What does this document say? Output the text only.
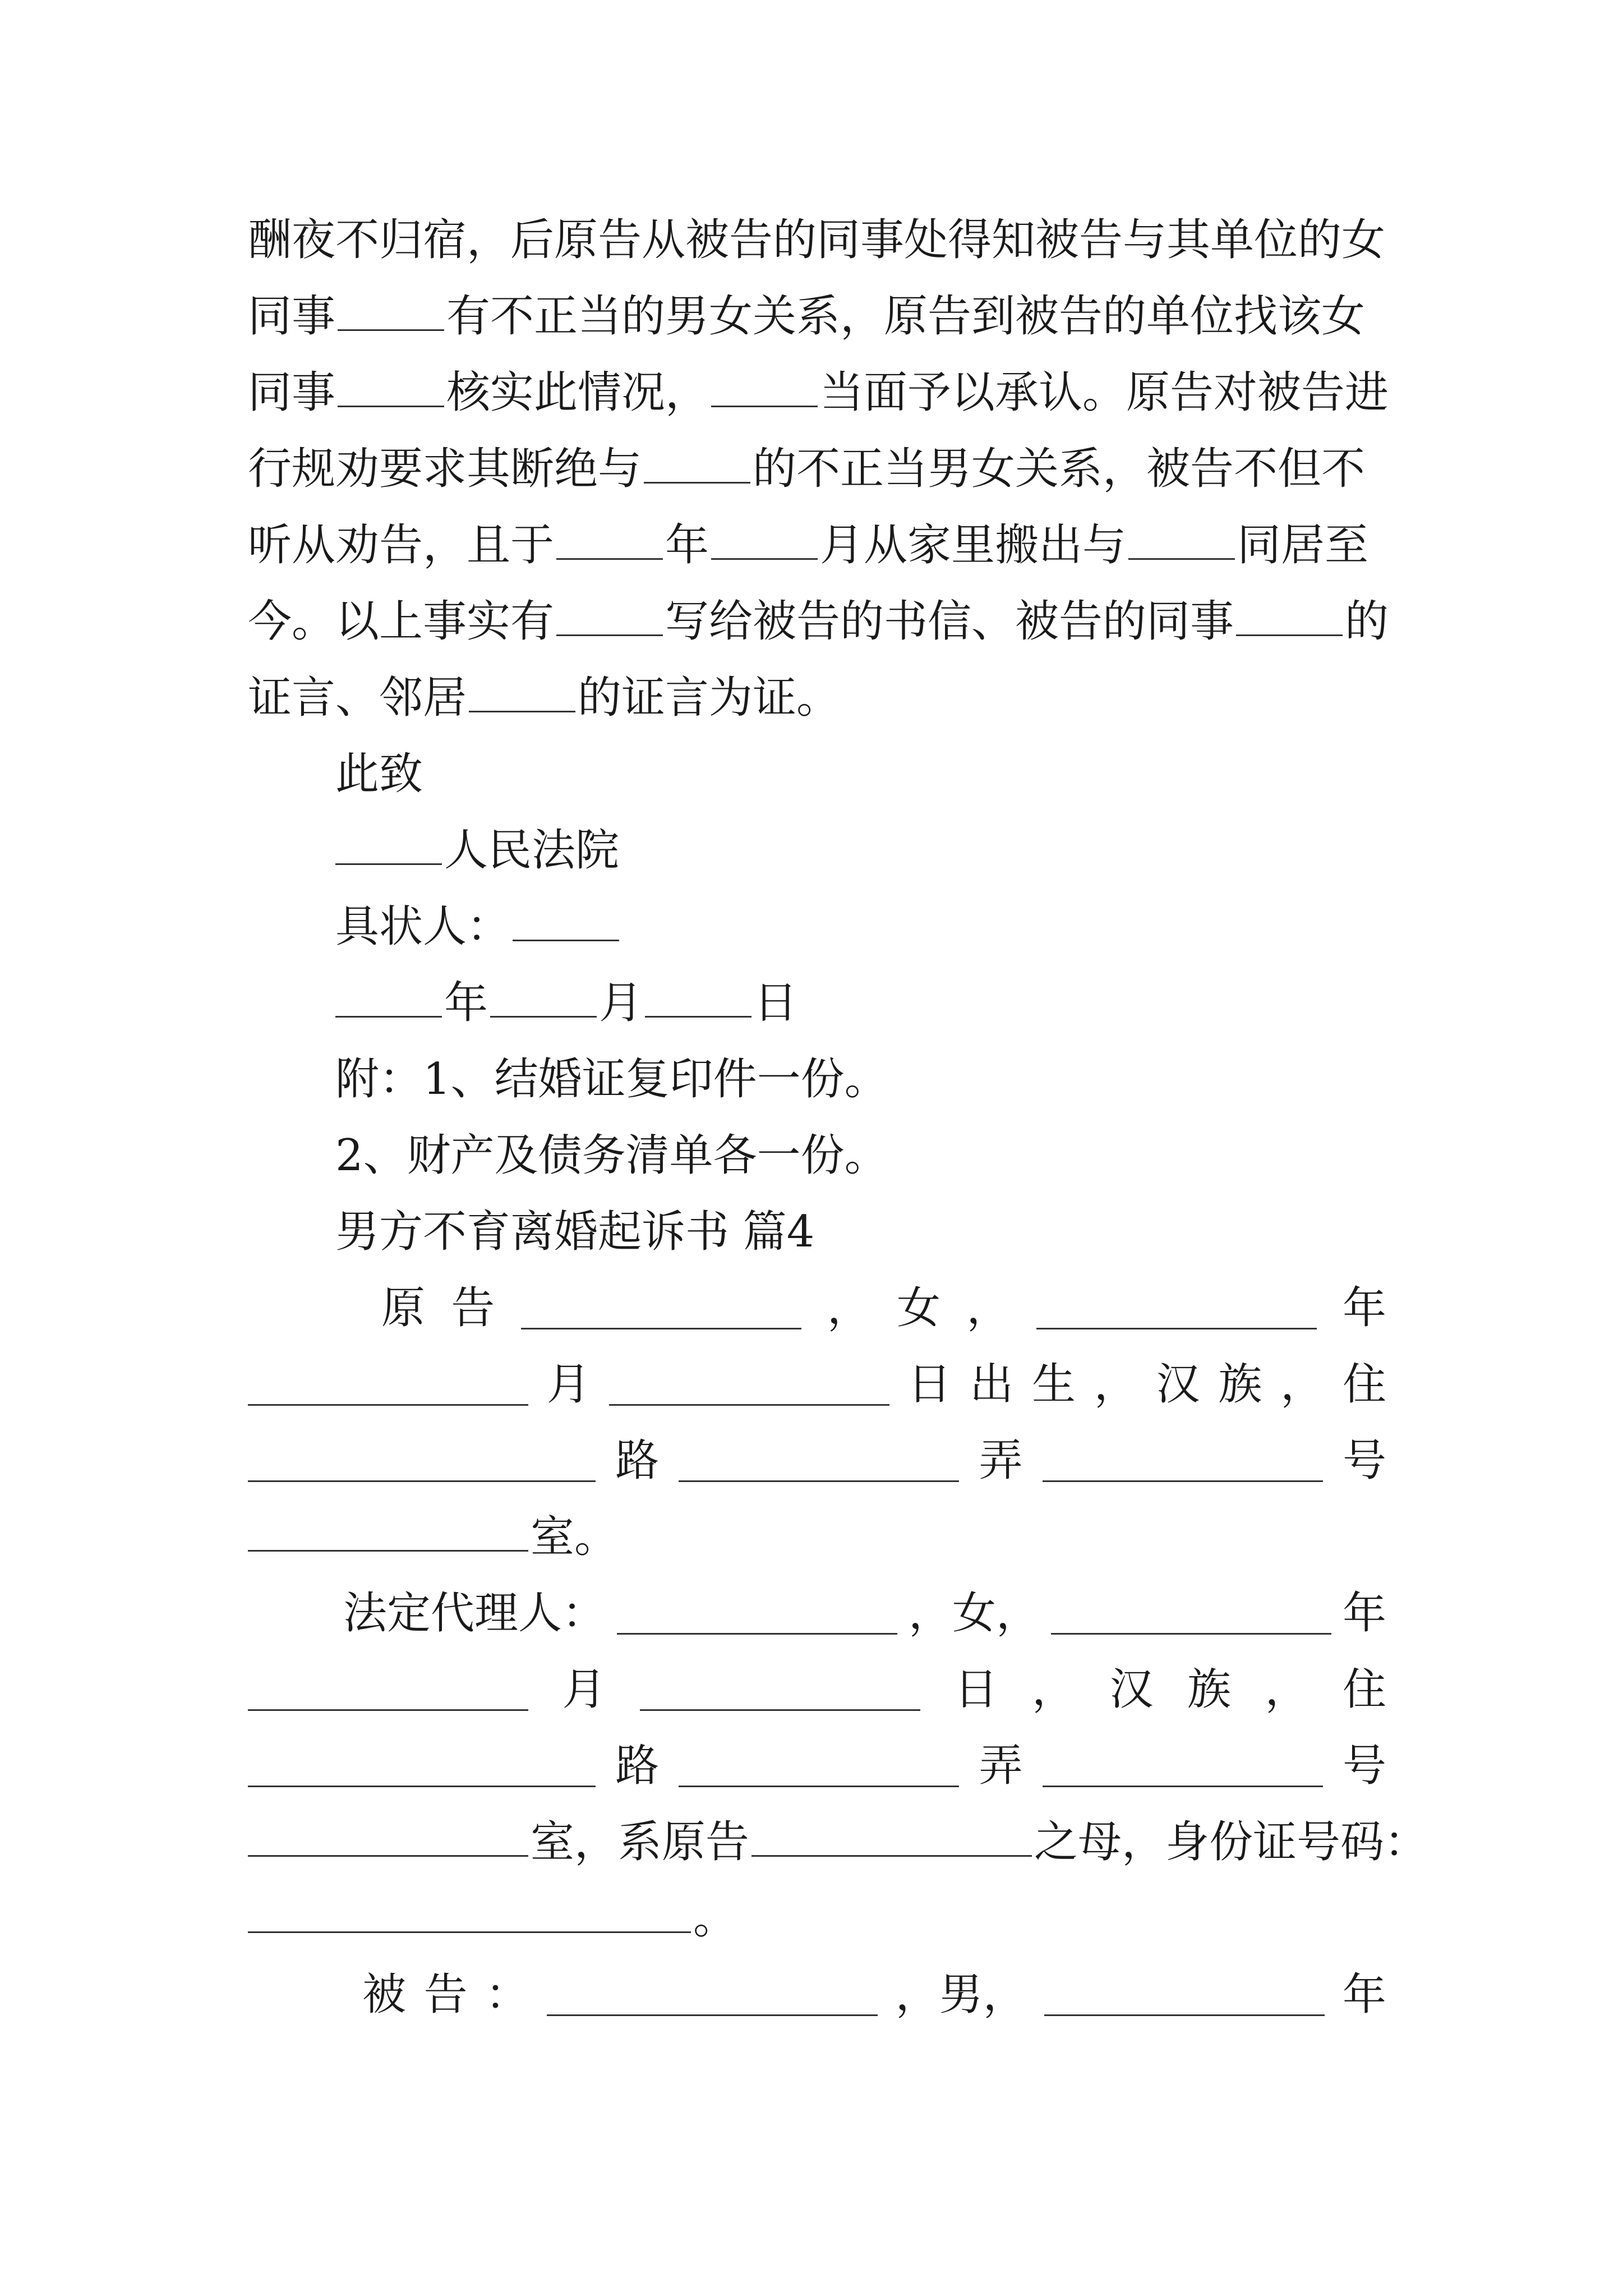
酬夜不归宿，后原告从被告的同事处得知被告与其单位的女
同事	有不正当的男女关系，原告到被告的单位找该女
同事	核实此情况，	当面予以承认。原告对被告进
行规劝要求其断绝与	的不正当男女关系，被告不但不
听从劝告，且于	年	月从家里搬出与	同居至
今。以上事实有	写给被告的书信、被告的同事	的
证言、邻居	的证言为证。
此致
人民法院
具状人：
年	月	日
附：1、结婚证复印件一份。
2、财产及债务清单各一份。
男方不育离婚起诉书 篇4
原 告	， 女 ，	年
月	日 出 生 ， 汉 族 ， 住
路	弄	号
室。
法定代理人：	，女，	年
月	日 ， 汉 族 ， 住
路	弄	号
室，系原告	之母，身份证号码：
。
被 告 ：	，男，	年
